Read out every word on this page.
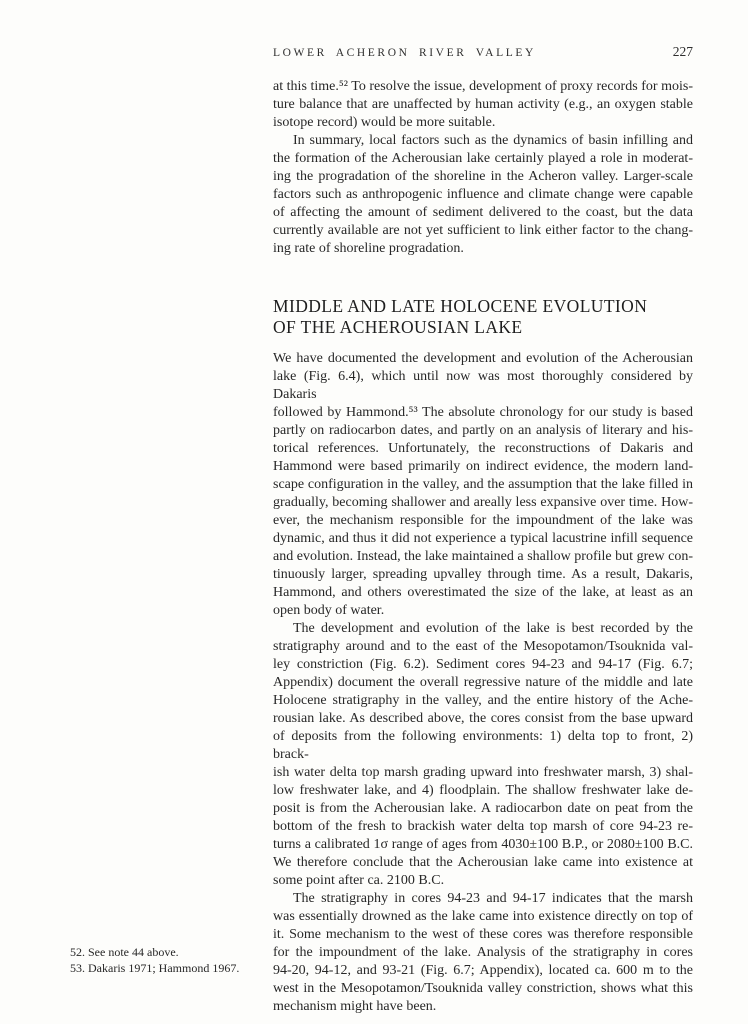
LOWER ACHERON RIVER VALLEY	227
at this time.⁵² To resolve the issue, development of proxy records for mois-
ture balance that are unaffected by human activity (e.g., an oxygen stable
isotope record) would be more suitable.
In summary, local factors such as the dynamics of basin infilling and
the formation of the Acherousian lake certainly played a role in moderat-
ing the progradation of the shoreline in the Acheron valley. Larger-scale
factors such as anthropogenic influence and climate change were capable
of affecting the amount of sediment delivered to the coast, but the data
currently available are not yet sufficient to link either factor to the chang-
ing rate of shoreline progradation.
MIDDLE AND LATE HOLOCENE EVOLUTION
OF THE ACHEROUSIAN LAKE
We have documented the development and evolution of the Acherousian
lake (Fig. 6.4), which until now was most thoroughly considered by Dakaris
followed by Hammond.⁵³ The absolute chronology for our study is based
partly on radiocarbon dates, and partly on an analysis of literary and his-
torical references. Unfortunately, the reconstructions of Dakaris and
Hammond were based primarily on indirect evidence, the modern land-
scape configuration in the valley, and the assumption that the lake filled in
gradually, becoming shallower and areally less expansive over time. How-
ever, the mechanism responsible for the impoundment of the lake was
dynamic, and thus it did not experience a typical lacustrine infill sequence
and evolution. Instead, the lake maintained a shallow profile but grew con-
tinuously larger, spreading upvalley through time. As a result, Dakaris,
Hammond, and others overestimated the size of the lake, at least as an
open body of water.
The development and evolution of the lake is best recorded by the
stratigraphy around and to the east of the Mesopotamon/Tsouknida val-
ley constriction (Fig. 6.2). Sediment cores 94-23 and 94-17 (Fig. 6.7;
Appendix) document the overall regressive nature of the middle and late
Holocene stratigraphy in the valley, and the entire history of the Ache-
rousian lake. As described above, the cores consist from the base upward
of deposits from the following environments: 1) delta top to front, 2) brack-
ish water delta top marsh grading upward into freshwater marsh, 3) shal-
low freshwater lake, and 4) floodplain. The shallow freshwater lake de-
posit is from the Acherousian lake. A radiocarbon date on peat from the
bottom of the fresh to brackish water delta top marsh of core 94-23 re-
turns a calibrated 1σ range of ages from 4030±100 B.P., or 2080±100 B.C.
We therefore conclude that the Acherousian lake came into existence at
some point after ca. 2100 B.C.
The stratigraphy in cores 94-23 and 94-17 indicates that the marsh
was essentially drowned as the lake came into existence directly on top of
it. Some mechanism to the west of these cores was therefore responsible
for the impoundment of the lake. Analysis of the stratigraphy in cores
94-20, 94-12, and 93-21 (Fig. 6.7; Appendix), located ca. 600 m to the
west in the Mesopotamon/Tsouknida valley constriction, shows what this
mechanism might have been.
52. See note 44 above.
53. Dakaris 1971; Hammond 1967.
